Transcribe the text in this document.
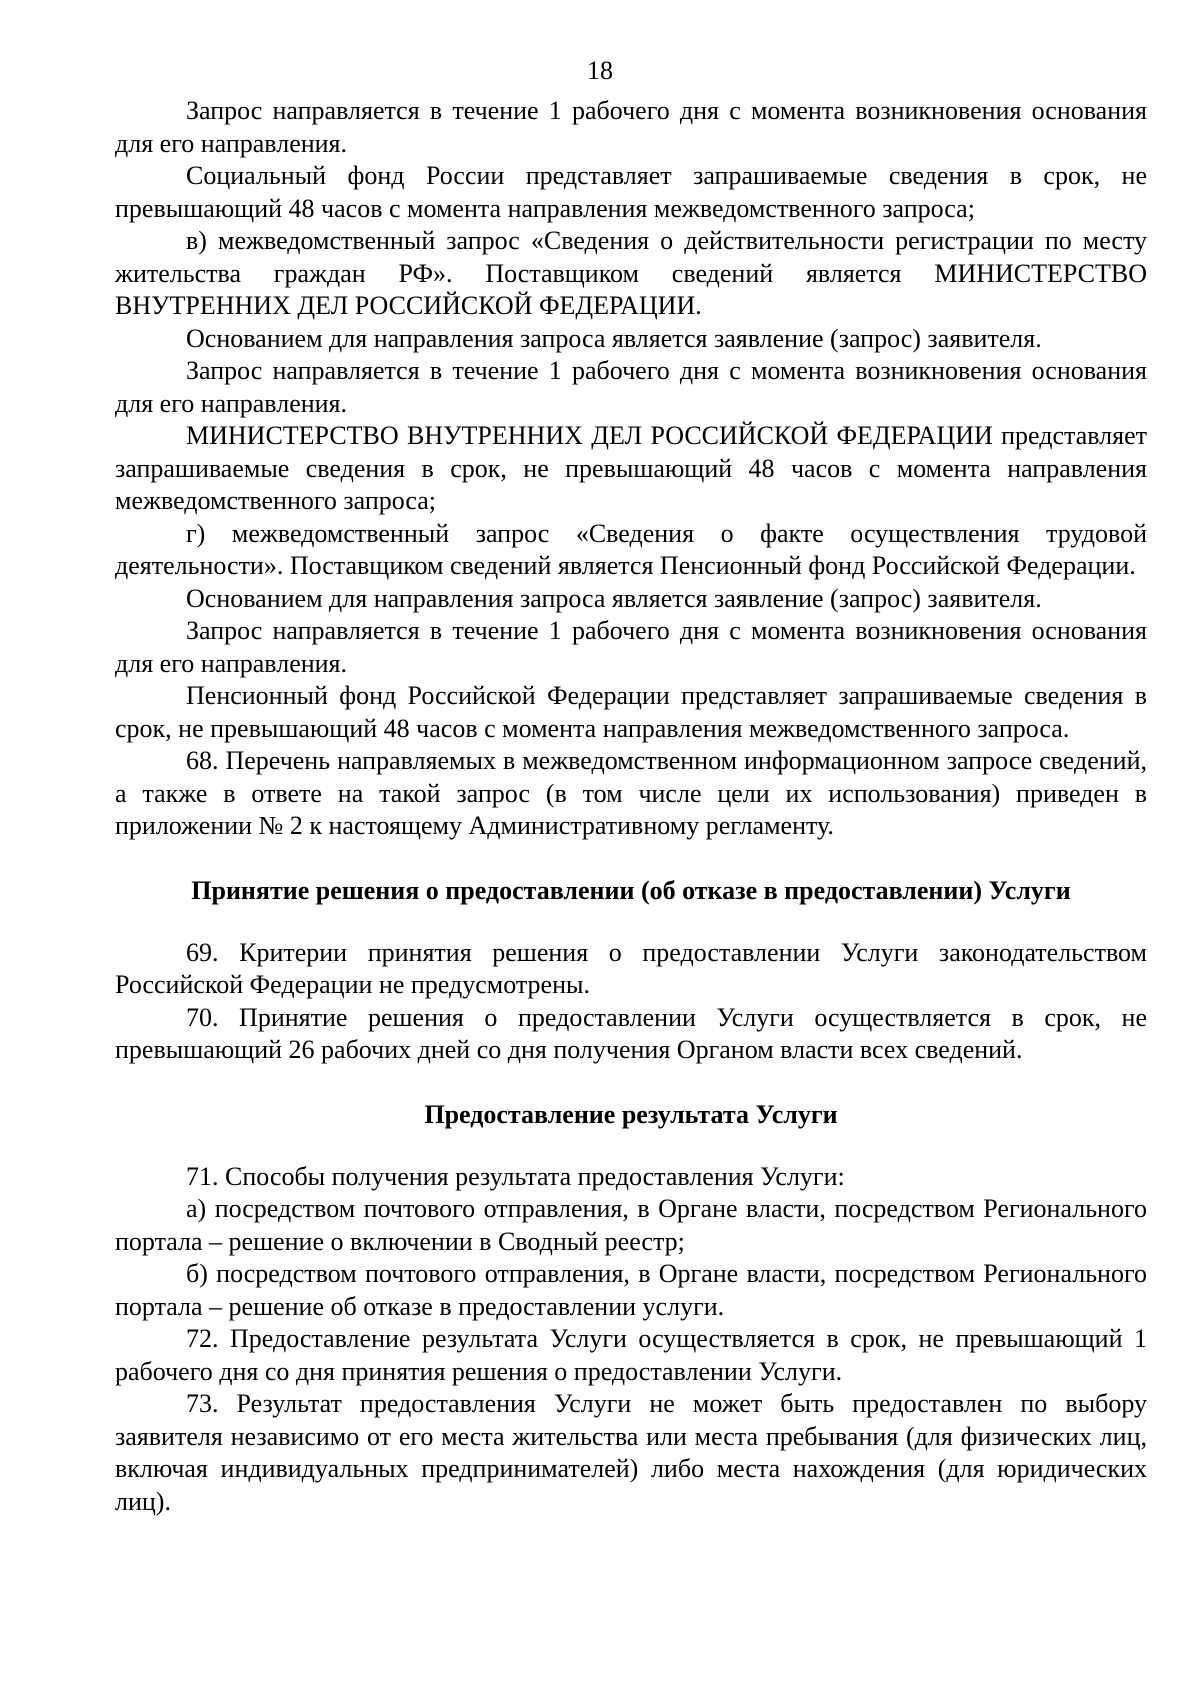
18

Запрос направляется в течение 1 рабочего дня с момента возникновения основания для его направления.

Социальный фонд России представляет запрашиваемые сведения в срок, не превышающий 48 часов с момента направления межведомственного запроса;

в) межведомственный запрос «Сведения о действительности регистрации по месту жительства граждан РФ». Поставщиком сведений является МИНИСТЕРСТВО ВНУТРЕННИХ ДЕЛ РОССИЙСКОЙ ФЕДЕРАЦИИ.

Основанием для направления запроса является заявление (запрос) заявителя.

Запрос направляется в течение 1 рабочего дня с момента возникновения основания для его направления.

МИНИСТЕРСТВО ВНУТРЕННИХ ДЕЛ РОССИЙСКОЙ ФЕДЕРАЦИИ представляет запрашиваемые сведения в срок, не превышающий 48 часов с момента направления межведомственного запроса;

г) межведомственный запрос «Сведения о факте осуществления трудовой деятельности». Поставщиком сведений является Пенсионный фонд Российской Федерации.

Основанием для направления запроса является заявление (запрос) заявителя.

Запрос направляется в течение 1 рабочего дня с момента возникновения основания для его направления.

Пенсионный фонд Российской Федерации представляет запрашиваемые сведения в срок, не превышающий 48 часов с момента направления межведомственного запроса.

68. Перечень направляемых в межведомственном информационном запросе сведений, а также в ответе на такой запрос (в том числе цели их использования) приведен в приложении № 2 к настоящему Административному регламенту.

Принятие решения о предоставлении (об отказе в предоставлении) Услуги

69. Критерии принятия решения о предоставлении Услуги законодательством Российской Федерации не предусмотрены.

70. Принятие решения о предоставлении Услуги осуществляется в срок, не превышающий 26 рабочих дней со дня получения Органом власти всех сведений.

Предоставление результата Услуги

71. Способы получения результата предоставления Услуги:

а) посредством почтового отправления, в Органе власти, посредством Регионального портала – решение о включении в Сводный реестр;

б) посредством почтового отправления, в Органе власти, посредством Регионального портала – решение об отказе в предоставлении услуги.

72. Предоставление результата Услуги осуществляется в срок, не превышающий 1 рабочего дня со дня принятия решения о предоставлении Услуги.

73. Результат предоставления Услуги не может быть предоставлен по выбору заявителя независимо от его места жительства или места пребывания (для физических лиц, включая индивидуальных предпринимателей) либо места нахождения (для юридических лиц).
